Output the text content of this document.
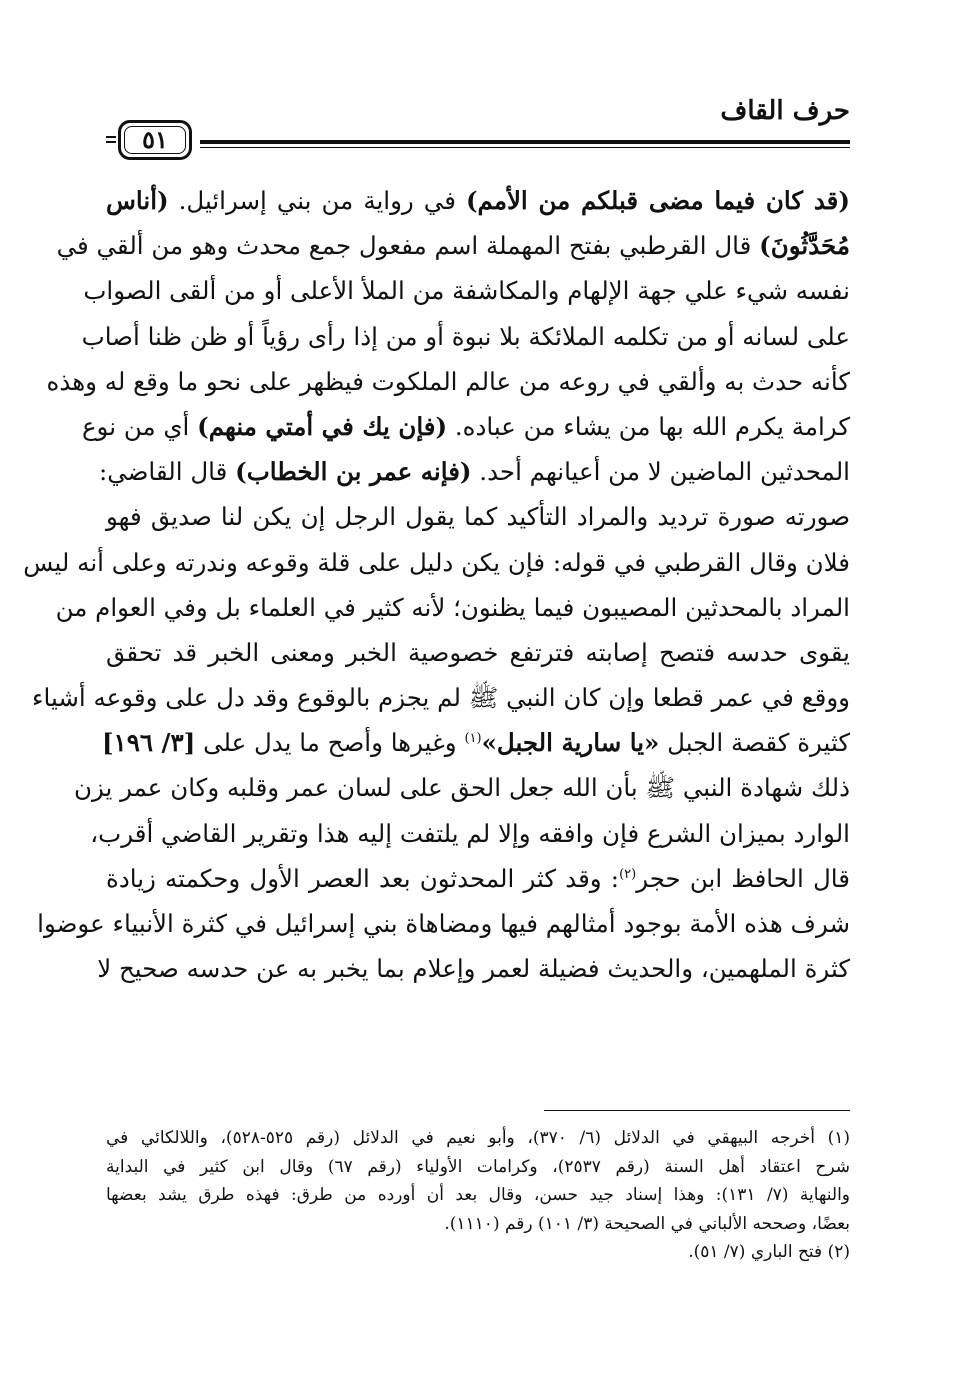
حرف القاف
٥١
(قد كان فيما مضى قبلكم من الأمم) في رواية من بني إسرائيل. (أناس
مُحَدَّثُونَ) قال القرطبي بفتح المهملة اسم مفعول جمع محدث وهو من ألقي في
نفسه شيء علي جهة الإلهام والمكاشفة من الملأ الأعلى أو من ألقى الصواب
على لسانه أو من تكلمه الملائكة بلا نبوة أو من إذا رأى رؤياً أو ظن ظنا أصاب
كأنه حدث به وألقي في روعه من عالم الملكوت فيظهر على نحو ما وقع له وهذه
كرامة يكرم الله بها من يشاء من عباده. (فإن يك في أمتي منهم) أي من نوع
المحدثين الماضين لا من أعيانهم أحد. (فإنه عمر بن الخطاب) قال القاضي:
صورته صورة ترديد والمراد التأكيد كما يقول الرجل إن يكن لنا صديق فهو
فلان وقال القرطبي في قوله: فإن يكن دليل على قلة وقوعه وندرته وعلى أنه ليس
المراد بالمحدثين المصيبون فيما يظنون؛ لأنه كثير في العلماء بل وفي العوام من
يقوى حدسه فتصح إصابته فترتفع خصوصية الخبر ومعنى الخبر قد تحقق
ووقع في عمر قطعا وإن كان النبي ﷺ لم يجزم بالوقوع وقد دل على وقوعه أشياء
كثيرة كقصة الجبل «يا سارية الجبل»$^{(١)}$ وغيرها وأصح ما يدل على [٣/ ١٩٦]
ذلك شهادة النبي ﷺ بأن الله جعل الحق على لسان عمر وقلبه وكان عمر يزن
الوارد بميزان الشرع فإن وافقه وإلا لم يلتفت إليه هذا وتقرير القاضي أقرب،
قال الحافظ ابن حجر$^{(٢)}$: وقد كثر المحدثون بعد العصر الأول وحكمته زيادة
شرف هذه الأمة بوجود أمثالهم فيها ومضاهاة بني إسرائيل في كثرة الأنبياء عوضوا
كثرة الملهمين، والحديث فضيلة لعمر وإعلام بما يخبر به عن حدسه صحيح لا
(١) أخرجه البيهقي في الدلائل (٦/ ٣٧٠)، وأبو نعيم في الدلائل (رقم ٥٢٥-٥٢٨)، واللالكائي في
شرح اعتقاد أهل السنة (رقم ٢٥٣٧)، وكرامات الأولياء (رقم ٦٧) وقال ابن كثير في البداية
والنهاية (٧/ ١٣١): وهذا إسناد جيد حسن، وقال بعد أن أورده من طرق: فهذه طرق يشد بعضها
بعضًا، وصححه الألباني في الصحيحة (٣/ ١٠١) رقم (١١١٠).
(٢) فتح الباري (٧/ ٥١).
